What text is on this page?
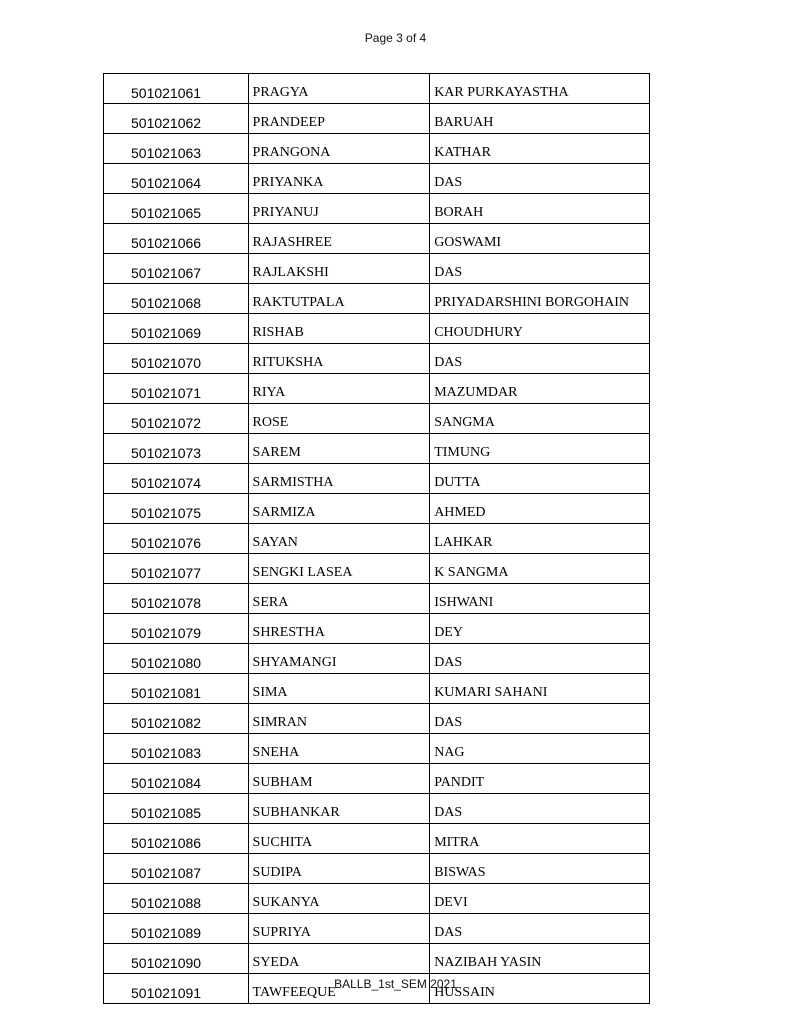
Page 3 of 4
501021061	PRAGYA	KAR PURKAYASTHA
501021062	PRANDEEP	BARUAH
501021063	PRANGONA	KATHAR
501021064	PRIYANKA	DAS
501021065	PRIYANUJ	BORAH
501021066	RAJASHREE	GOSWAMI
501021067	RAJLAKSHI	DAS
501021068	RAKTUTPALA	PRIYADARSHINI BORGOHAIN
501021069	RISHAB	CHOUDHURY
501021070	RITUKSHA	DAS
501021071	RIYA	MAZUMDAR
501021072	ROSE	SANGMA
501021073	SAREM	TIMUNG
501021074	SARMISTHA	DUTTA
501021075	SARMIZA	AHMED
501021076	SAYAN	LAHKAR
501021077	SENGKI LASEA	K SANGMA
501021078	SERA	ISHWANI
501021079	SHRESTHA	DEY
501021080	SHYAMANGI	DAS
501021081	SIMA	KUMARI SAHANI
501021082	SIMRAN	DAS
501021083	SNEHA	NAG
501021084	SUBHAM	PANDIT
501021085	SUBHANKAR	DAS
501021086	SUCHITA	MITRA
501021087	SUDIPA	BISWAS
501021088	SUKANYA	DEVI
501021089	SUPRIYA	DAS
501021090	SYEDA	NAZIBAH YASIN
501021091	TAWFEEQUE	HUSSAIN
BALLB_1st_SEM 2021
